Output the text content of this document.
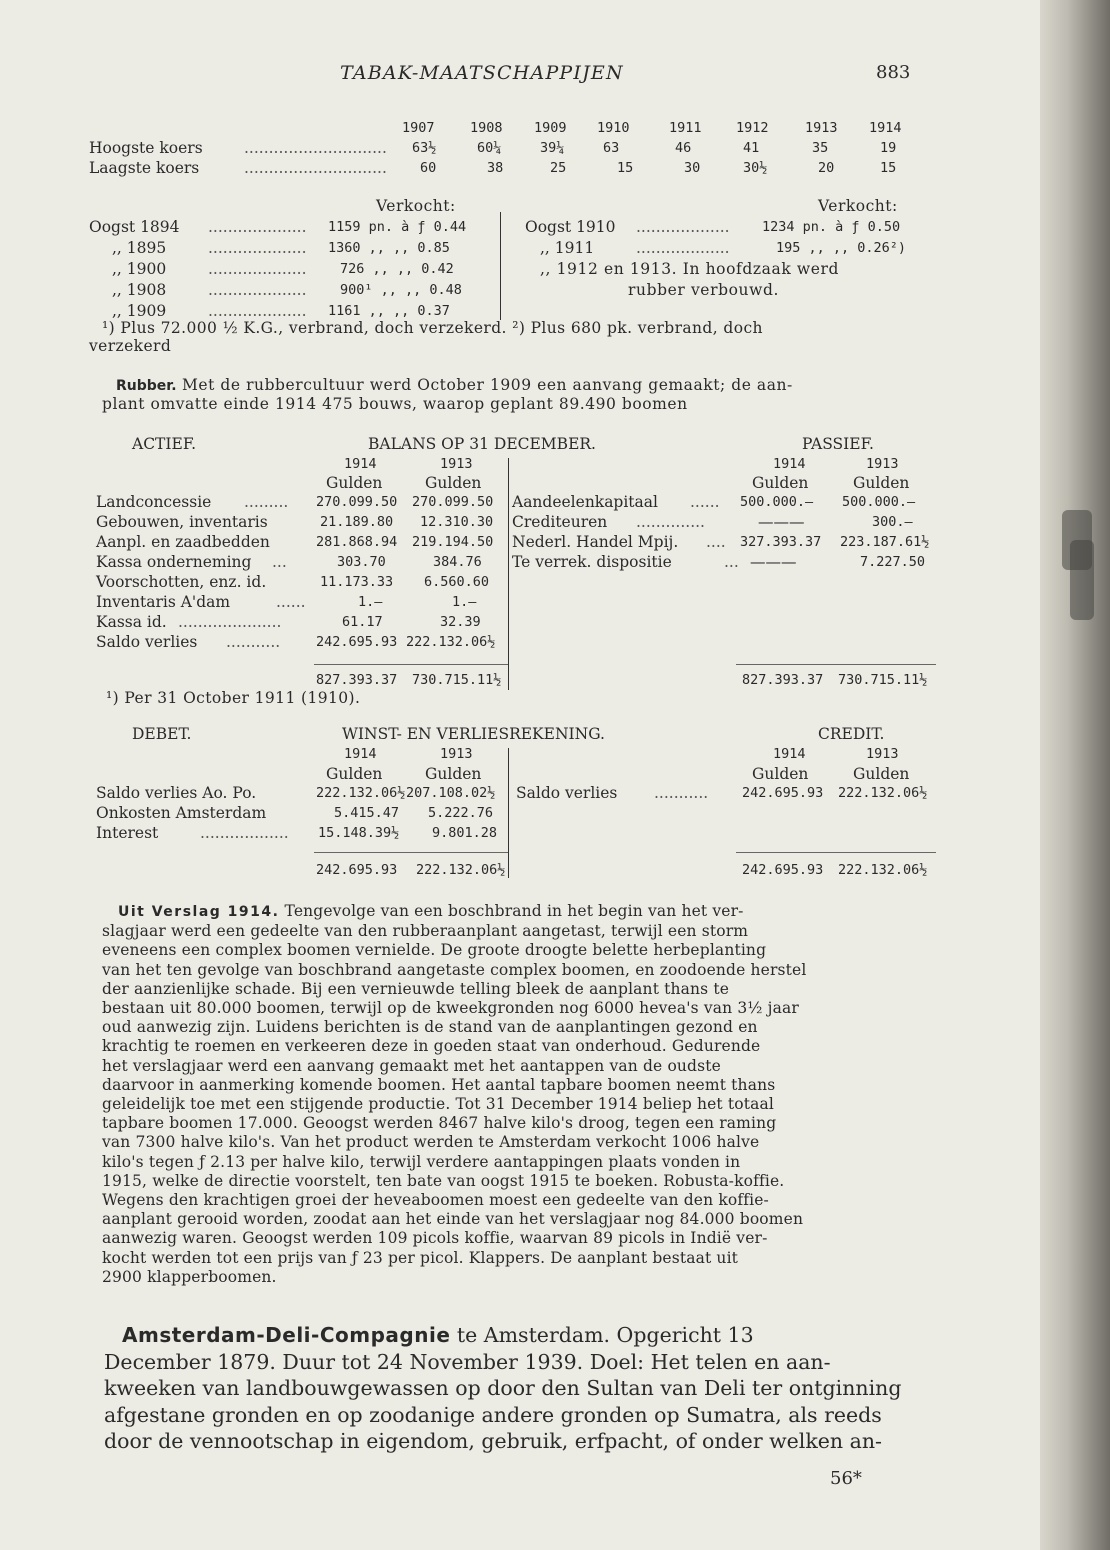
TABAK-MAATSCHAPPIJEN	883
1907	1908 1909 1910	1911	1912	1913 1914
Hoogste koers	............................. 63½	60¼	39¼	63	46	41	35	19
Laagste koers	............................. 60	38	25	15	30	30½	20	15
Verkocht:	Verkocht:
Oogst 1894 .................... 1159 pn. à ƒ 0.44
,, 1895	.................... 1360 ,, ,, 0.85
,, 1900	.................... 726 ,, ,, 0.42
,, 1908	.................... 900¹ ,, ,, 0.48
,, 1909	.................... 1161 ,, ,, 0.37
Oogst 1910 ................... 1234 pn. à ƒ 0.50
,, 1911	...................	195 ,, ,, 0.26²)
,, 1912 en 1913. In hoofdzaak werd
rubber verbouwd.
¹) Plus 72.000 ½ K.G., verbrand, doch verzekerd. ²) Plus 680 pk. verbrand, doch
verzekerd
Rubber. Met de rubbercultuur werd October 1909 een aanvang gemaakt; de aan-
plant omvatte einde 1914 475 bouws, waarop geplant 89.490 boomen
ACTIEF.	BALANS OP 31 DECEMBER.	PASSIEF.
1914	1913
Gulden	Gulden
1914	1913
Gulden	Gulden
Landconcessie ......... 270.099.50 270.099.50
Gebouwen, inventaris	21.189.80 12.310.30
Aanpl. en zaadbedden	281.868.94 219.194.50
Kassa onderneming ...	303.70	384.76
Voorschotten, enz. id.	11.173.33 6.560.60
Inventaris A'dam	......	1.—	1.—
Kassa id. .....................	61.17	32.39
Saldo verlies ...........	242.695.93 222.132.06½
827.393.37 730.715.11½
¹) Per 31 October 1911 (1910).
Aandeelenkapitaal ...... 500.000.— 500.000.—
Crediteuren ..............	———	300.—
Nederl. Handel Mpij. .... 327.393.37 223.187.61½
Te verrek. dispositie	... ———	7.227.50
827.393.37 730.715.11½
DEBET.	WINST- EN VERLIESREKENING.	CREDIT.
1914	1913
Gulden	Gulden
1914	1913
Gulden	Gulden
Saldo verlies Ao. Po.	222.132.06½ 207.108.02½
Onkosten Amsterdam	5.415.47 5.222.76
Interest	.................. 15.148.39½ 9.801.28
242.695.93 222.132.06½
Saldo verlies ...........	242.695.93 222.132.06½
242.695.93 222.132.06½

Uit Verslag 1914. Tengevolge van een boschbrand in het begin van het ver-

slagjaar werd een gedeelte van den rubberaanplant aangetast, terwijl een storm

eveneens een complex boomen vernielde. De groote droogte belette herbeplanting

van het ten gevolge van boschbrand aangetaste complex boomen, en zoodoende herstel

der aanzienlijke schade. Bij een vernieuwde telling bleek de aanplant thans te

bestaan uit 80.000 boomen, terwijl op de kweekgronden nog 6000 hevea's van 3½ jaar

oud aanwezig zijn. Luidens berichten is de stand van de aanplantingen gezond en

krachtig te roemen en verkeeren deze in goeden staat van onderhoud. Gedurende

het verslagjaar werd een aanvang gemaakt met het aantappen van de oudste

daarvoor in aanmerking komende boomen. Het aantal tapbare boomen neemt thans

geleidelijk toe met een stijgende productie. Tot 31 December 1914 beliep het totaal

tapbare boomen 17.000. Geoogst werden 8467 halve kilo's droog, tegen een raming

van 7300 halve kilo's. Van het product werden te Amsterdam verkocht 1006 halve

kilo's tegen ƒ 2.13 per halve kilo, terwijl verdere aantappingen plaats vonden in

1915, welke de directie voorstelt, ten bate van oogst 1915 te boeken. Robusta-koffie.

Wegens den krachtigen groei der heveaboomen moest een gedeelte van den koffie-

aanplant gerooid worden, zoodat aan het einde van het verslagjaar nog 84.000 boomen

aanwezig waren. Geoogst werden 109 picols koffie, waarvan 89 picols in Indië ver-

kocht werden tot een prijs van ƒ 23 per picol. Klappers. De aanplant bestaat uit

2900 klapperboomen.

Amsterdam-Deli-Compagnie te Amsterdam. Opgericht 13

December 1879. Duur tot 24 November 1939. Doel: Het telen en aan-

kweeken van landbouwgewassen op door den Sultan van Deli ter ontginning

afgestane gronden en op zoodanige andere gronden op Sumatra, als reeds

door de vennootschap in eigendom, gebruik, erfpacht, of onder welken an-

56*
